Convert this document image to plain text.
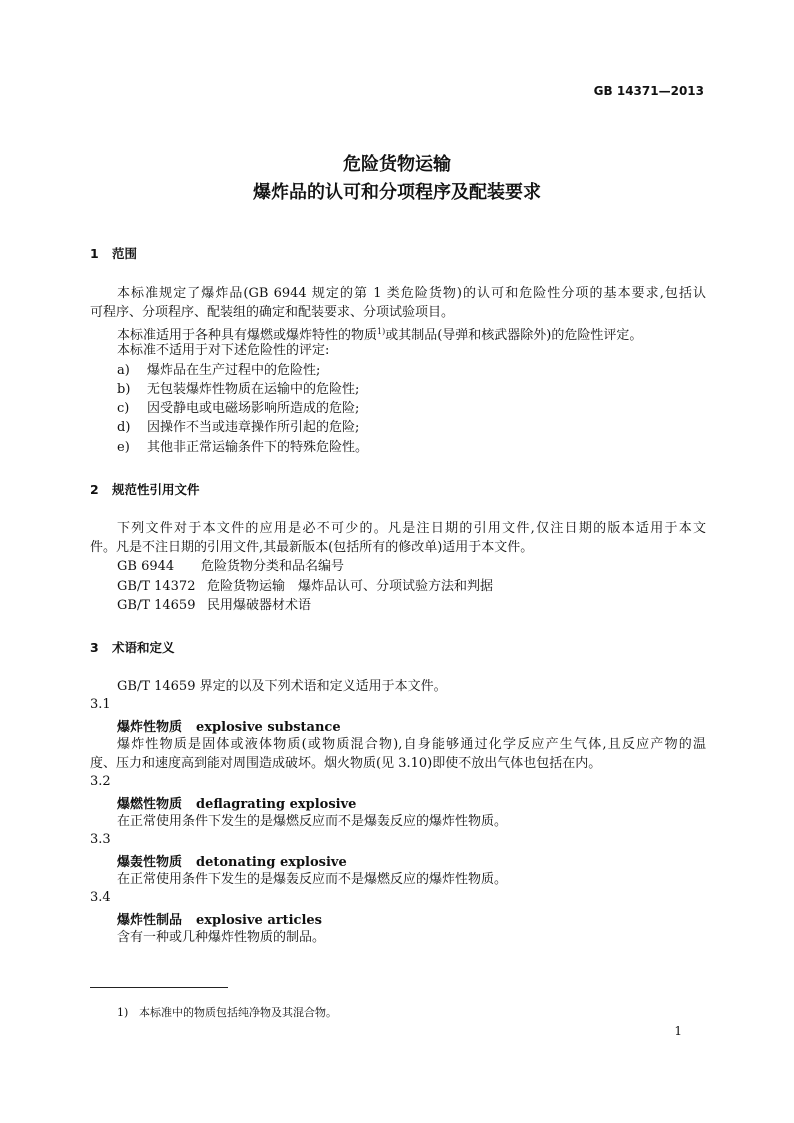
GB 14371—2013
危险货物运输
爆炸品的认可和分项程序及配装要求
1 范围
本标准规定了爆炸品(GB 6944 规定的第 1 类危险货物)的认可和危险性分项的基本要求,包括认
可程序、分项程序、配装组的确定和配装要求、分项试验项目。
本标准适用于各种具有爆燃或爆炸特性的物质$^{1)}$或其制品(导弹和核武器除外)的危险性评定。
本标准不适用于对下述危险性的评定:
a) 爆炸品在生产过程中的危险性;
b) 无包装爆炸性物质在运输中的危险性;
c) 因受静电或电磁场影响所造成的危险;
d) 因操作不当或违章操作所引起的危险;
e) 其他非正常运输条件下的特殊危险性。
2 规范性引用文件
下列文件对于本文件的应用是必不可少的。凡是注日期的引用文件,仅注日期的版本适用于本文
件。凡是不注日期的引用文件,其最新版本(包括所有的修改单)适用于本文件。
GB 6944 危险货物分类和品名编号
GB/T 14372 危险货物运输　爆炸品认可、分项试验方法和判据
GB/T 14659 民用爆破器材术语
3 术语和定义
GB/T 14659 界定的以及下列术语和定义适用于本文件。
3.1
爆炸性物质 explosive substance
爆炸性物质是固体或液体物质(或物质混合物),自身能够通过化学反应产生气体,且反应产物的温
度、压力和速度高到能对周围造成破坏。烟火物质(见 3.10)即使不放出气体也包括在内。
3.2
爆燃性物质 deflagrating explosive
在正常使用条件下发生的是爆燃反应而不是爆轰反应的爆炸性物质。
3.3
爆轰性物质 detonating explosive
在正常使用条件下发生的是爆轰反应而不是爆燃反应的爆炸性物质。
3.4
爆炸性制品 explosive articles
含有一种或几种爆炸性物质的制品。
1) 本标准中的物质包括纯净物及其混合物。
1
